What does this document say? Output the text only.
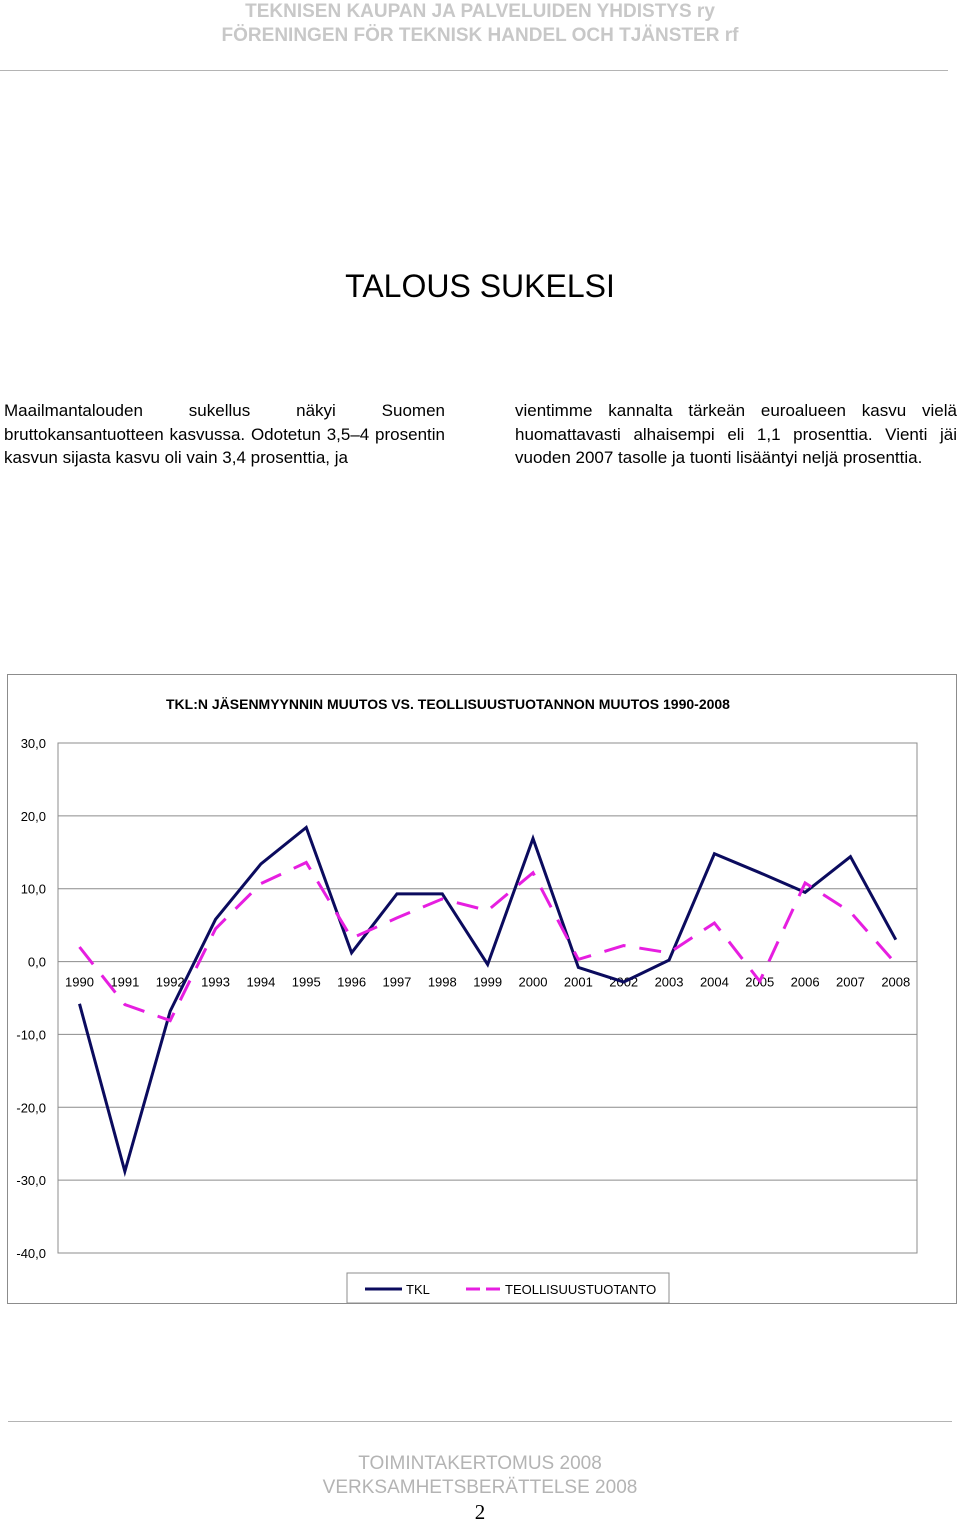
TEKNISEN KAUPAN JA PALVELUIDEN YHDISTYS ry
FÖRENINGEN FÖR TEKNISK HANDEL OCH TJÄNSTER rf
TALOUS SUKELSI

Maailmantalouden sukellus näkyi Suomen bruttokansantuotteen kasvussa. Odotetun 3,5–4 prosentin kasvun sijasta kasvu oli vain 3,4 prosenttia, ja

vientimme kannalta tärkeän euroalueen kasvu vielä huomattavasti alhaisempi eli 1,1 prosenttia. Vienti jäi vuoden 2007 tasolle ja tuonti lisääntyi neljä prosenttia.

TKL:N JÄSENMYYNNIN MUUTOS VS. TEOLLISUUSTUOTANNON MUUTOS 1990-2008
30,0
20,0
10,0
0,0
-10,0
-20,0
-30,0
-40,0
1990 1991 1992 1993 1994 1995 1996 1997 1998 1999 2000 2001 2002 2003 2004 2005 2006 2007 2008
TKL	TEOLLISUUSTUOTANTO
TOIMINTAKERTOMUS 2008
VERKSAMHETSBERÄTTELSE 2008
2
